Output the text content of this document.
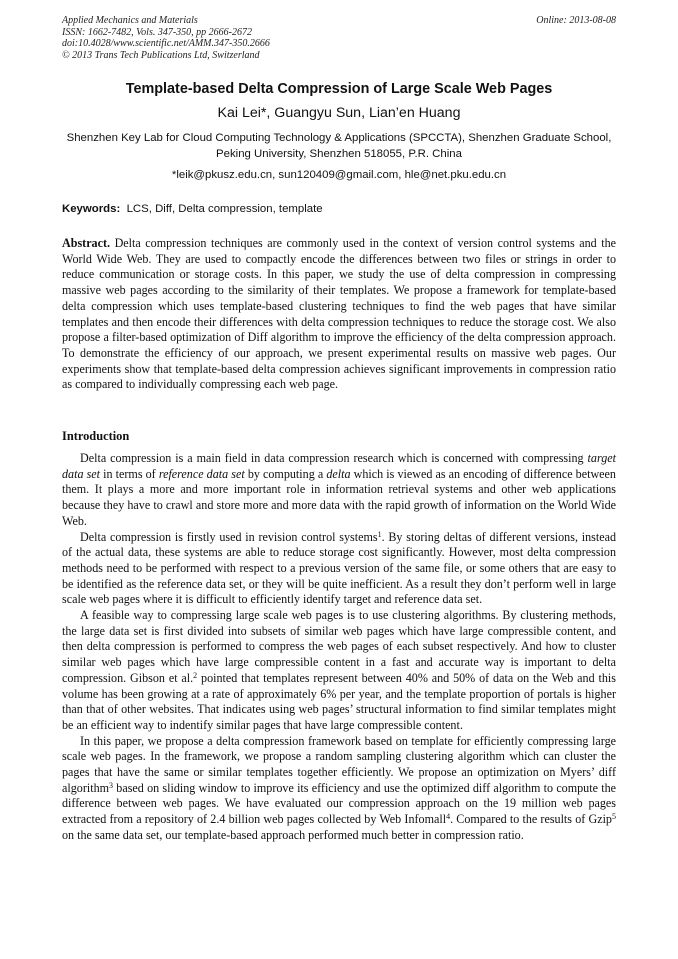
Applied Mechanics and Materials
ISSN: 1662-7482, Vols. 347-350, pp 2666-2672
doi:10.4028/www.scientific.net/AMM.347-350.2666
© 2013 Trans Tech Publications Ltd, Switzerland
Online: 2013-08-08
Template-based Delta Compression of Large Scale Web Pages
Kai Lei*, Guangyu Sun, Lian’en Huang
Shenzhen Key Lab for Cloud Computing Technology & Applications (SPCCTA), Shenzhen Graduate School, Peking University, Shenzhen 518055, P.R. China
*leik@pkusz.edu.cn, sun120409@gmail.com, hle@net.pku.edu.cn
Keywords: LCS, Diff, Delta compression, template
Abstract. Delta compression techniques are commonly used in the context of version control systems and the World Wide Web. They are used to compactly encode the differences between two files or strings in order to reduce communication or storage costs. In this paper, we study the use of delta compression in compressing massive web pages according to the similarity of their templates. We propose a framework for template-based delta compression which uses template-based clustering techniques to find the web pages that have similar templates and then encode their differences with delta compression techniques to reduce the storage cost. We also propose a filter-based optimization of Diff algorithm to improve the efficiency of the delta compression approach. To demonstrate the efficiency of our approach, we present experimental results on massive web pages. Our experiments show that template-based delta compression achieves significant improvements in compression ratio as compared to individually compressing each web page.
Introduction

Delta compression is a main field in data compression research which is concerned with compressing target data set in terms of reference data set by computing a delta which is viewed as an encoding of difference between them. It plays a more and more important role in information retrieval systems and other web applications because they have to crawl and store more and more data with the rapid growth of information on the World Wide Web.

Delta compression is firstly used in revision control systems$^1$. By storing deltas of different versions, instead of the actual data, these systems are able to reduce storage cost significantly. However, most delta compression methods need to be performed with respect to a previous version of the same file, or some others that are easy to be identified as the reference data set, or they will be quite inefficient. As a result they don’t perform well in large scale web pages where it is difficult to efficiently identify target and reference data set.

A feasible way to compressing large scale web pages is to use clustering algorithms. By clustering methods, the large data set is first divided into subsets of similar web pages which have large compressible content, and then delta compression is performed to compress the web pages of each subset respectively. And how to cluster similar web pages which have large compressible content in a fast and accurate way is important to delta compression. Gibson et al.$^2$ pointed that templates represent between 40% and 50% of data on the Web and this volume has been growing at a rate of approximately 6% per year, and the template proportion of portals is higher than that of other websites. That indicates using web pages’ structural information to find similar templates might be an efficient way to indentify similar pages that have large compressible content.

In this paper, we propose a delta compression framework based on template for efficiently compressing large scale web pages. In the framework, we propose a random sampling clustering algorithm which can cluster the pages that have the same or similar templates together efficiently. We propose an optimization on Myers’ diff algorithm$^3$ based on sliding window to improve its efficiency and use the optimized diff algorithm to compute the difference between web pages. We have evaluated our compression approach on the 19 million web pages extracted from a repository of 2.4 billion web pages collected by Web Infomall$^4$. Compared to the results of Gzip$^5$ on the same data set, our template-based approach performed much better in compression ratio.
